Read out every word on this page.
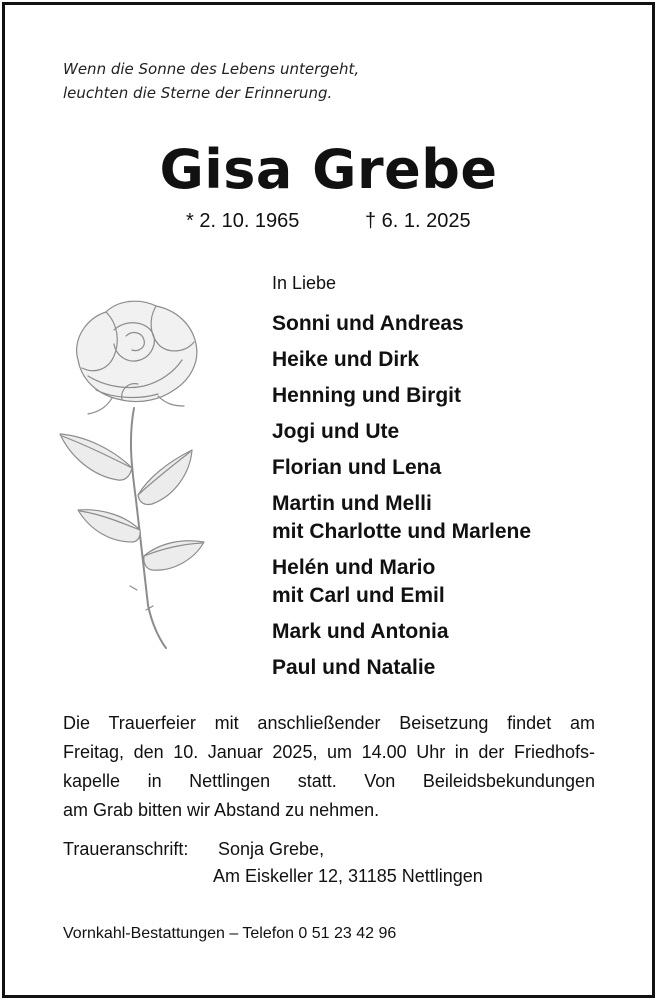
Wenn die Sonne des Lebens untergeht,
leuchten die Sterne der Erinnerung.
Gisa Grebe
* 2. 10. 1965	† 6. 1. 2025
In Liebe
Sonni und Andreas
Heike und Dirk
Henning und Birgit
Jogi und Ute
Florian und Lena
Martin und Melli
mit Charlotte und Marlene
Helén und Mario
mit Carl und Emil
Mark und Antonia
Paul und Natalie
Die Trauerfeier mit anschließender Beisetzung findet am
Freitag, den 10. Januar 2025, um 14.00 Uhr in der Friedhofs-
kapelle in Nettlingen statt. Von Beileidsbekundungen
am Grab bitten wir Abstand zu nehmen.
Traueranschrift: Sonja Grebe,
Am Eiskeller 12, 31185 Nettlingen
Vornkahl-Bestattungen – Telefon 0 51 23 42 96
